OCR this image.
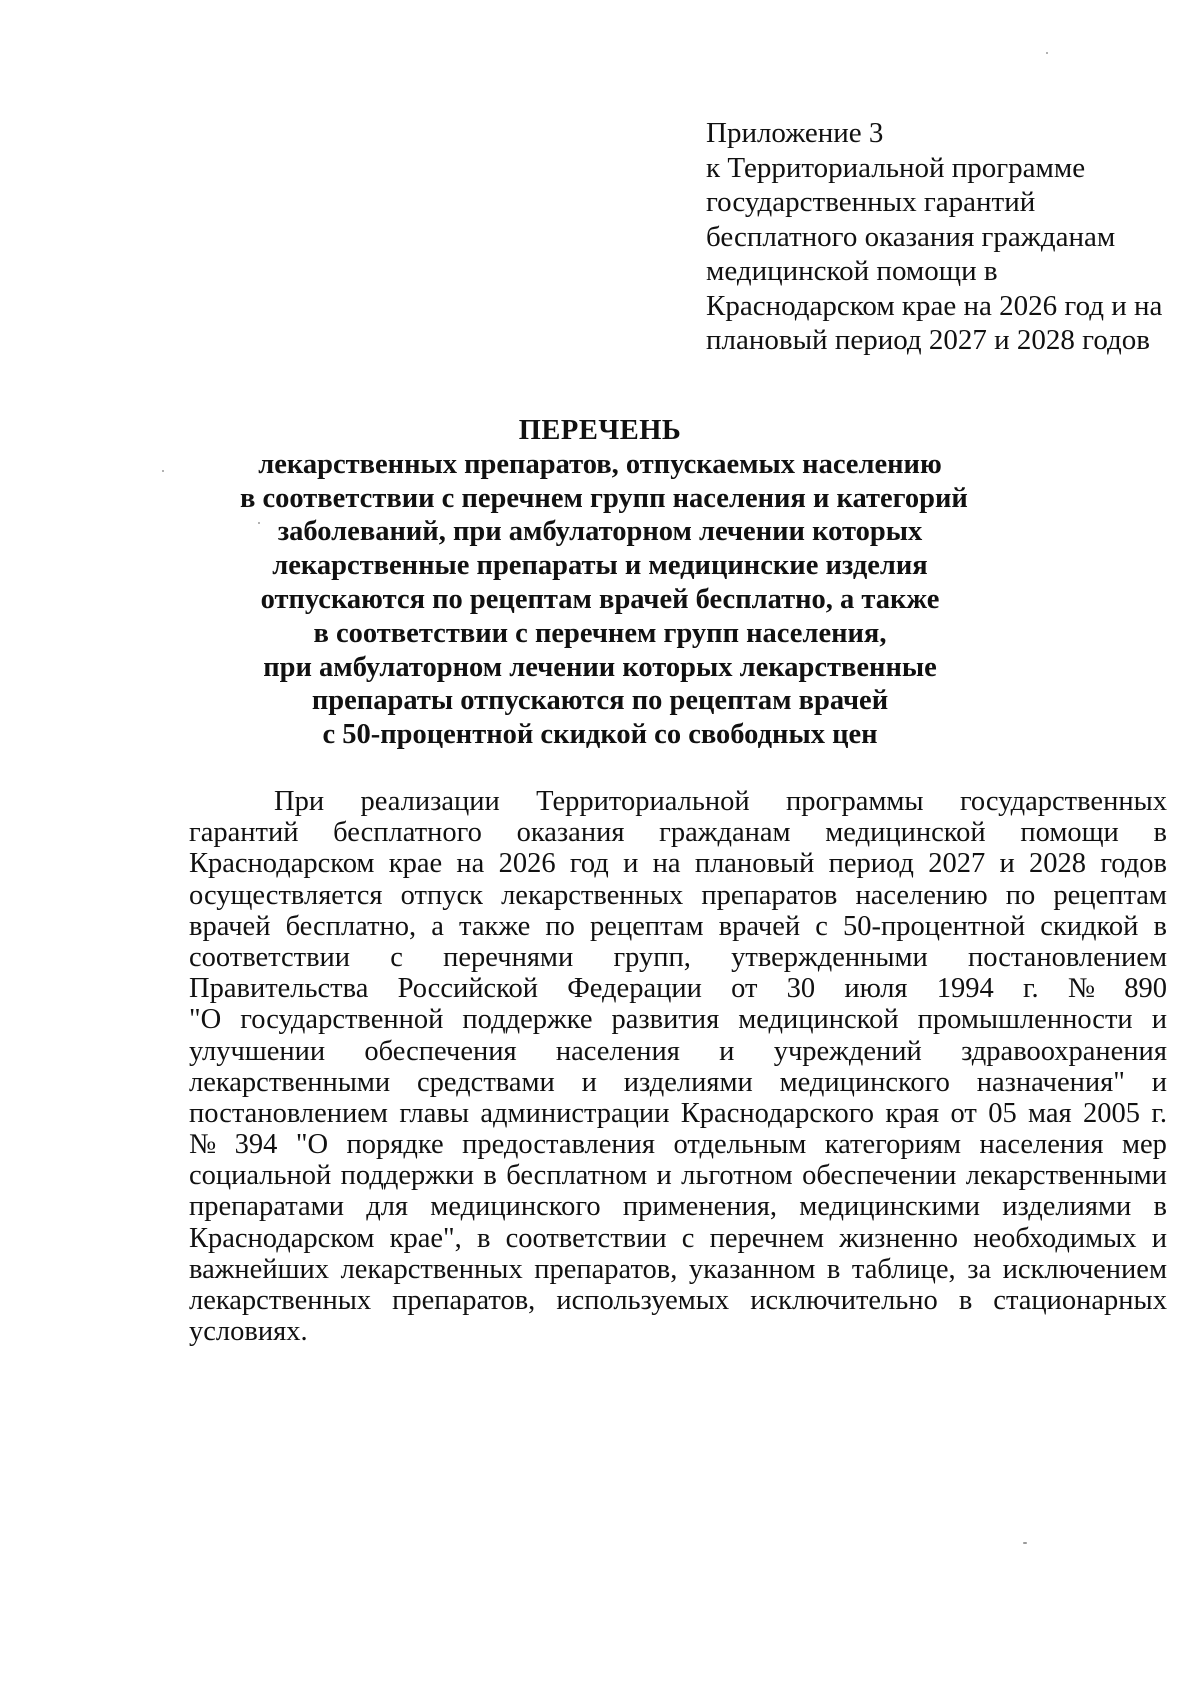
Приложение 3
к Территориальной программе
государственных гарантий
бесплатного оказания гражданам
медицинской помощи в
Краснодарском крае на 2026 год и на
плановый период 2027 и 2028 годов
ПЕРЕЧЕНЬ
лекарственных препаратов, отпускаемых населению
в соответствии с перечнем групп населения и категорий
заболеваний, при амбулаторном лечении которых
лекарственные препараты и медицинские изделия
отпускаются по рецептам врачей бесплатно, а также
в соответствии с перечнем групп населения,
при амбулаторном лечении которых лекарственные
препараты отпускаются по рецептам врачей
с 50-процентной скидкой со свободных цен
При реализации Территориальной программы государственных
гарантий бесплатного оказания гражданам медицинской помощи в
Краснодарском крае на 2026 год и на плановый период 2027 и 2028 годов
осуществляется отпуск лекарственных препаратов населению по рецептам
врачей бесплатно, а также по рецептам врачей с 50-процентной скидкой в
соответствии с перечнями групп, утвержденными постановлением
Правительства Российской Федерации от 30 июля 1994 г. № 890
"О государственной поддержке развития медицинской промышленности и
улучшении обеспечения населения и учреждений здравоохранения
лекарственными средствами и изделиями медицинского назначения" и
постановлением главы администрации Краснодарского края от 05 мая 2005 г.
№ 394 "О порядке предоставления отдельным категориям населения мер
социальной поддержки в бесплатном и льготном обеспечении лекарственными
препаратами для медицинского применения, медицинскими изделиями в
Краснодарском крае", в соответствии с перечнем жизненно необходимых и
важнейших лекарственных препаратов, указанном в таблице, за исключением
лекарственных препаратов, используемых исключительно в стационарных
условиях.
